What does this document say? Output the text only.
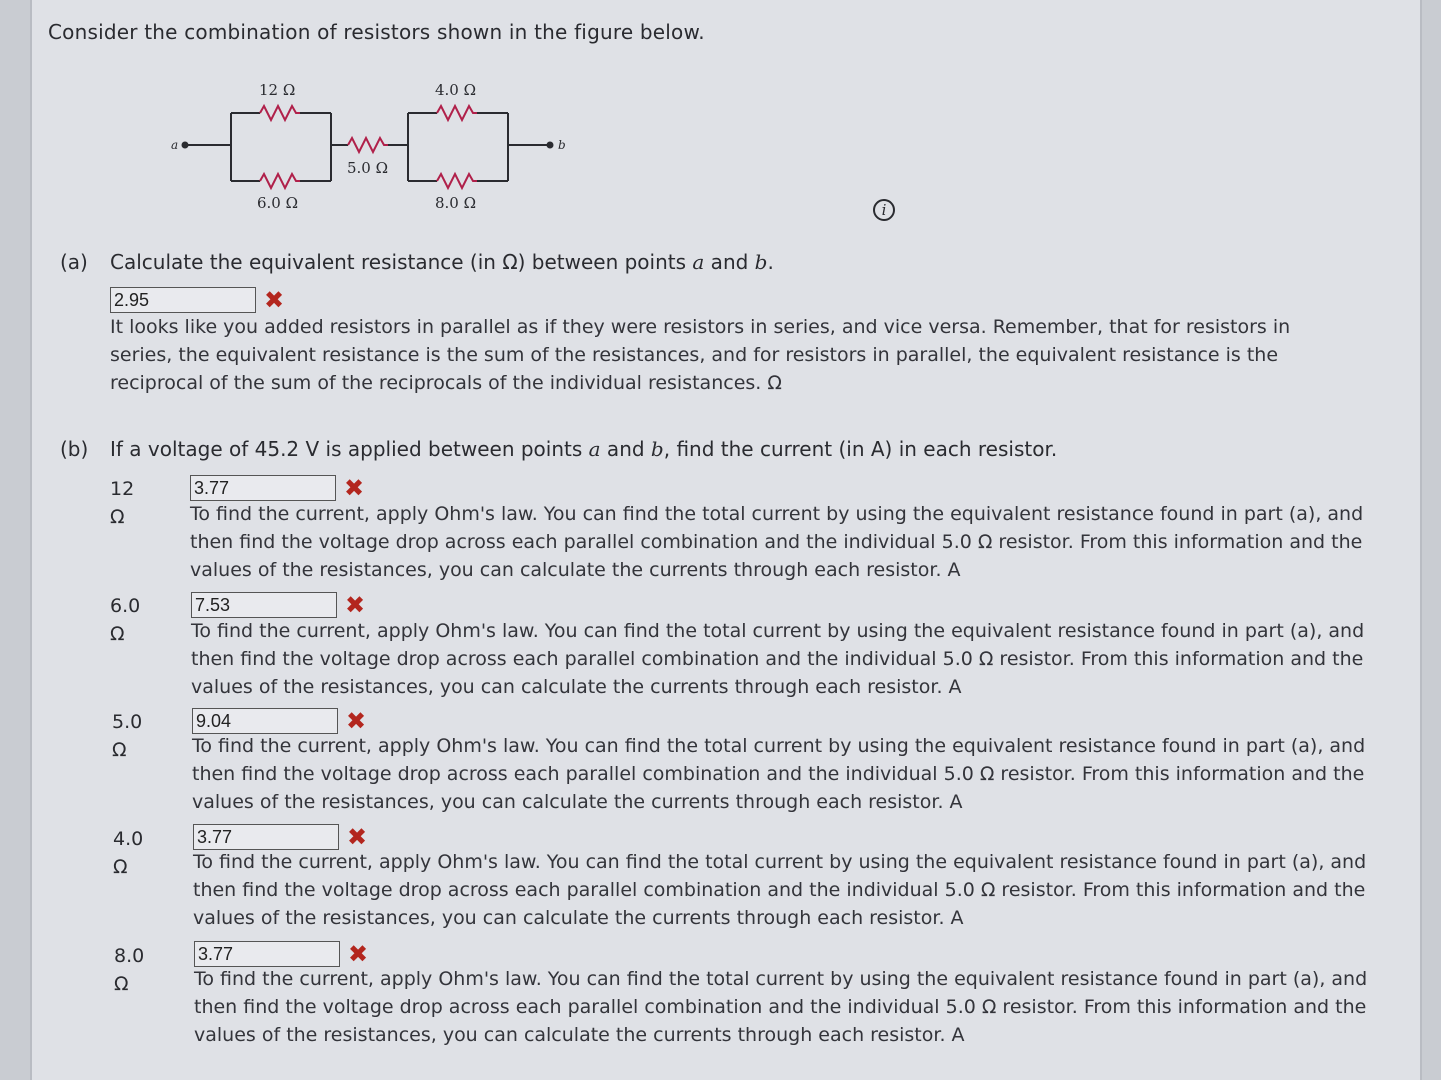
Consider the combination of resistors shown in the figure below.
a	b
12 Ω
6.0 Ω
5.0 Ω
4.0 Ω
8.0 Ω	i
(a) Calculate the equivalent resistance (in Ω) between points a and b.
2.95	✖
It looks like you added resistors in parallel as if they were resistors in series, and vice versa. Remember, that for resistors in series, the equivalent resistance is the sum of the resistances, and for resistors in parallel, the equivalent resistance is the reciprocal of the sum of the reciprocals of the individual resistances. Ω
(b) If a voltage of 45.2 V is applied between points a and b, find the current (in A) in each resistor.
12
Ω
3.77	✖
To find the current, apply Ohm's law. You can find the total current by using the equivalent resistance found in part (a), and then find the voltage drop across each parallel combination and the individual 5.0 Ω resistor. From this information and the values of the resistances, you can calculate the currents through each resistor. A
6.0
Ω
7.53	✖
To find the current, apply Ohm's law. You can find the total current by using the equivalent resistance found in part (a), and then find the voltage drop across each parallel combination and the individual 5.0 Ω resistor. From this information and the values of the resistances, you can calculate the currents through each resistor. A
5.0
Ω
9.04	✖
To find the current, apply Ohm's law. You can find the total current by using the equivalent resistance found in part (a), and then find the voltage drop across each parallel combination and the individual 5.0 Ω resistor. From this information and the values of the resistances, you can calculate the currents through each resistor. A
4.0
Ω
3.77	✖
To find the current, apply Ohm's law. You can find the total current by using the equivalent resistance found in part (a), and then find the voltage drop across each parallel combination and the individual 5.0 Ω resistor. From this information and the values of the resistances, you can calculate the currents through each resistor. A
8.0
Ω
3.77	✖
To find the current, apply Ohm's law. You can find the total current by using the equivalent resistance found in part (a), and then find the voltage drop across each parallel combination and the individual 5.0 Ω resistor. From this information and the values of the resistances, you can calculate the currents through each resistor. A
